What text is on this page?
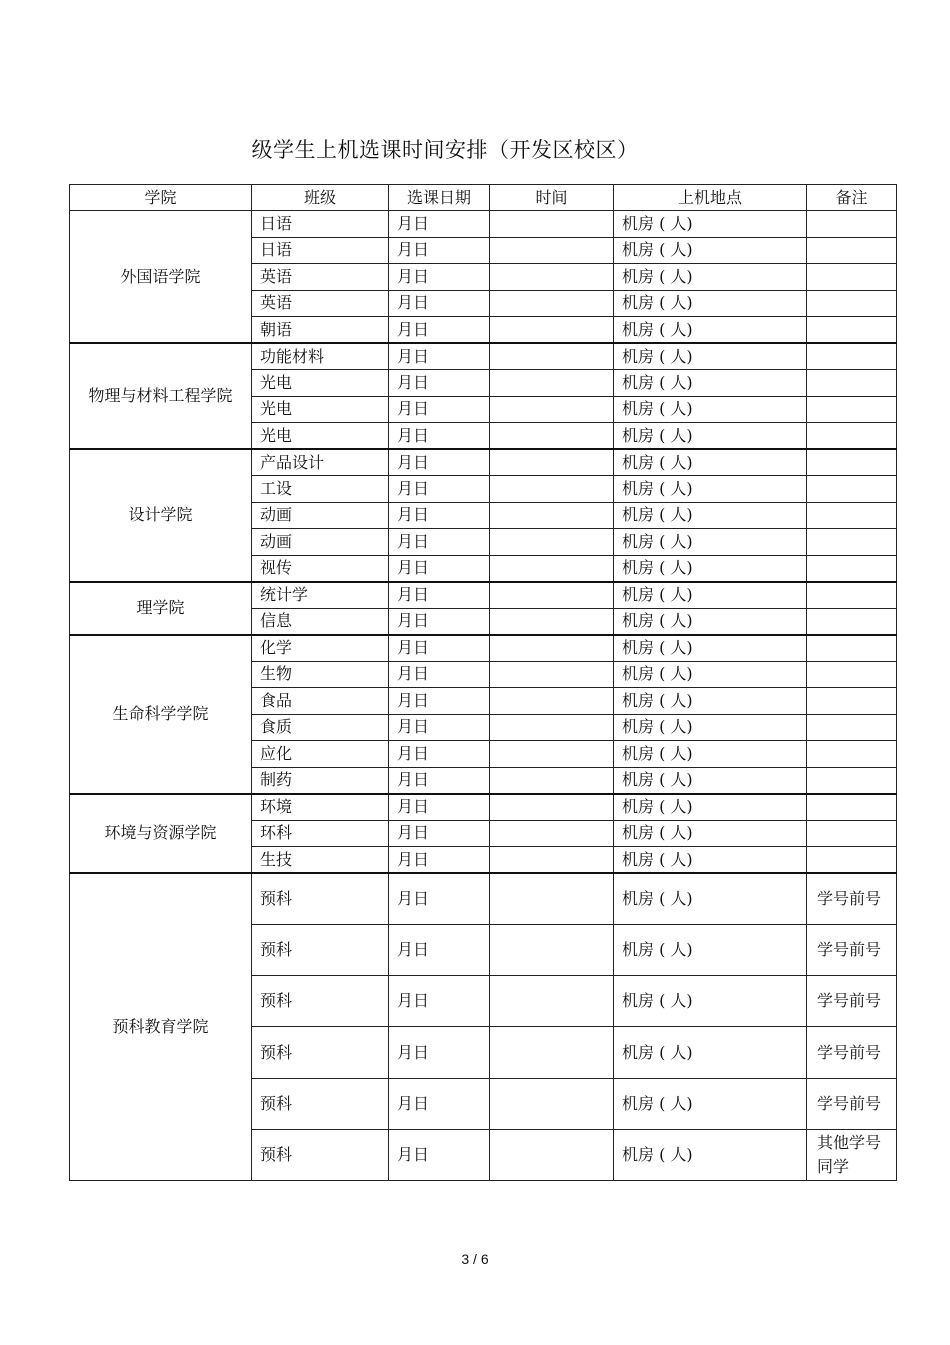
级学生上机选课时间安排（开发区校区）
学院	班级	选课日期	时间	上机地点	备注
外国语学院	日语	月日		机房 ( 人)	
	日语	月日		机房 ( 人)	
	英语	月日		机房 ( 人)	
	英语	月日		机房 ( 人)	
	朝语	月日		机房 ( 人)	
物理与材料工程学院	功能材料	月日		机房 ( 人)	
	光电	月日		机房 ( 人)	
	光电	月日		机房 ( 人)	
	光电	月日		机房 ( 人)	
设计学院	产品设计	月日		机房 ( 人)	
	工设	月日		机房 ( 人)	
	动画	月日		机房 ( 人)	
	动画	月日		机房 ( 人)	
	视传	月日		机房 ( 人)	
理学院	统计学	月日		机房 ( 人)	
	信息	月日		机房 ( 人)	
生命科学学院	化学	月日		机房 ( 人)	
	生物	月日		机房 ( 人)	
	食品	月日		机房 ( 人)	
	食质	月日		机房 ( 人)	
	应化	月日		机房 ( 人)	
	制药	月日		机房 ( 人)	
环境与资源学院	环境	月日		机房 ( 人)	
	环科	月日		机房 ( 人)	
	生技	月日		机房 ( 人)	
预科教育学院	预科	月日		机房 ( 人)	学号前号
	预科	月日		机房 ( 人)	学号前号
	预科	月日		机房 ( 人)	学号前号
	预科	月日		机房 ( 人)	学号前号
	预科	月日		机房 ( 人)	学号前号
	预科	月日		机房 ( 人)	其他学号同学
3 / 6
